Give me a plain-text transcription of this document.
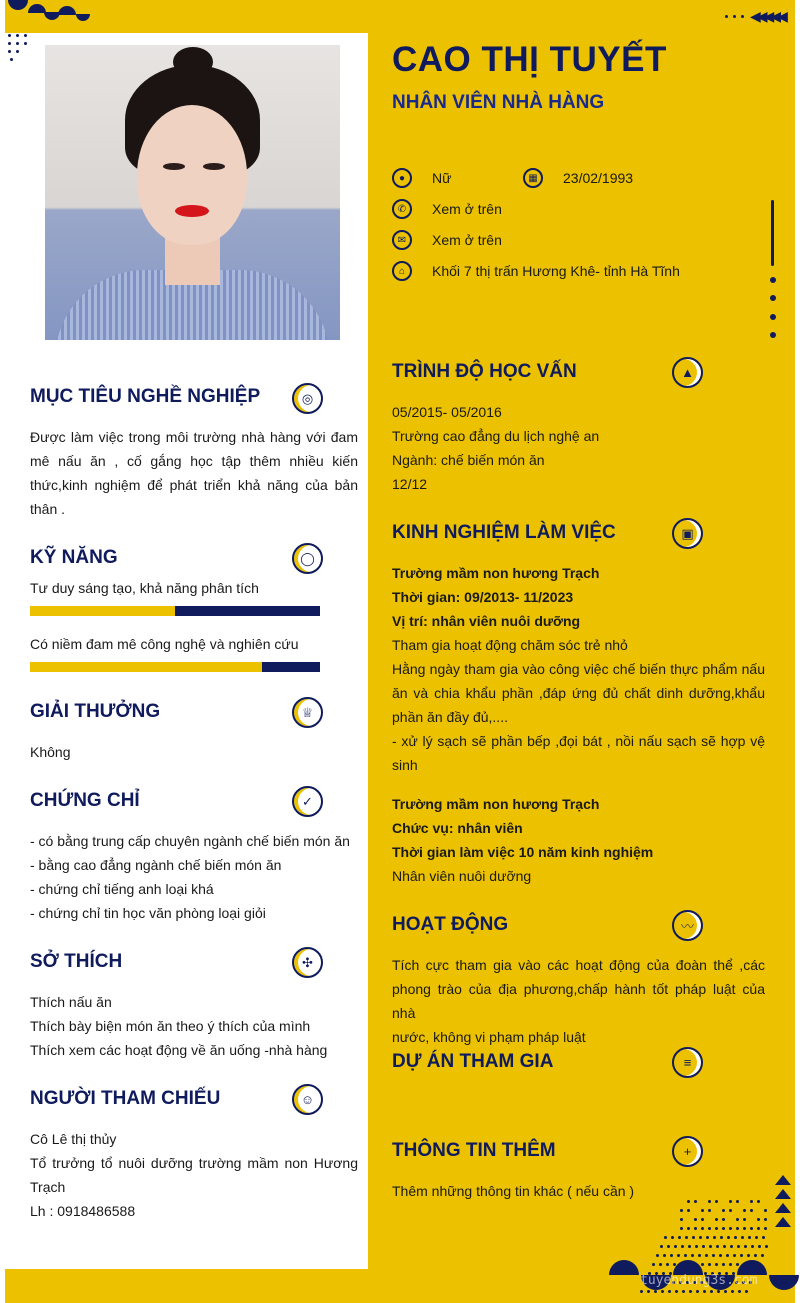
◀◀◀◀◀
CAO THỊ TUYẾT
NHÂN VIÊN NHÀ HÀNG
●	Nữ	▦	23/02/1993
✆	Xem ở trên
✉	Xem ở trên
⌂	Khối 7 thị trấn Hương Khê- tỉnh Hà Tĩnh
MỤC TIÊU NGHỀ NGHIỆP	◎
Được làm việc trong môi trường nhà hàng với đam
mê nấu ăn , cố gắng học tập thêm nhiều kiến
thức,kinh nghiệm để phát triển khả năng của bản
thân .
KỸ NĂNG	◯
Tư duy sáng tạo, khả năng phân tích
Có niềm đam mê công nghệ và nghiên cứu
GIẢI THƯỞNG	♕
Không
CHỨNG CHỈ	✓
- có bằng trung cấp chuyên ngành chế biến món ăn
- bằng cao đẳng ngành chế biến món ăn
- chứng chỉ tiếng anh loại khá
- chứng chỉ tin học văn phòng loại giỏi
SỞ THÍCH	✣
Thích nấu ăn
Thích bày biện món ăn theo ý thích của mình
Thích xem các hoạt động về ăn uống -nhà hàng
NGƯỜI THAM CHIẾU	☺
Cô Lê thị thủy
Tổ trưởng tổ nuôi dưỡng trường mầm non Hương
Trạch
Lh : 0918486588
TRÌNH ĐỘ HỌC VẤN	▲
05/2015- 05/2016
Trường cao đẳng du lịch nghệ an
Ngành: chế biến món ăn
12/12
KINH NGHIỆM LÀM VIỆC	▣
Trường mầm non hương Trạch
Thời gian: 09/2013- 11/2023
Vị trí: nhân viên nuôi dưỡng
Tham gia hoạt động chăm sóc trẻ nhỏ
Hằng ngày tham gia vào công việc chế biến thực phẩm nấu
ăn và chia khẩu phần ,đáp ứng đủ chất dinh dưỡng,khẩu
phần ăn đầy đủ,....
- xử lý sạch sẽ phần bếp ,đọi bát , nồi nấu sạch sẽ hợp vệ
sinh
Trường mầm non hương Trạch
Chức vụ: nhân viên
Thời gian làm việc 10 năm kinh nghiệm
Nhân viên nuôi dưỡng
HOẠT ĐỘNG	〰
Tích cực tham gia vào các hoạt động của đoàn thể ,các
phong trào của địa phương,chấp hành tốt pháp luật của nhà
nước, không vi phạm pháp luật
DỰ ÁN THAM GIA	≡
THÔNG TIN THÊM	+
Thêm những thông tin khác ( nếu cần )
tuyendung3s.com
